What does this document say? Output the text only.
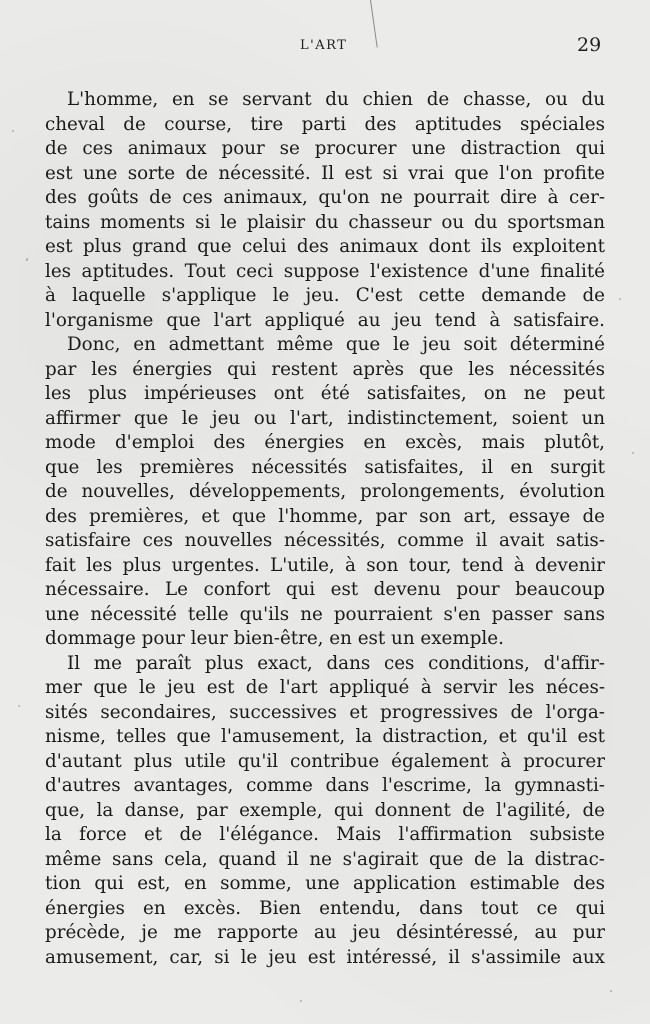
L'ART	29
L'homme, en se servant du chien de chasse, ou du
cheval de course, tire parti des aptitudes spéciales
de ces animaux pour se procurer une distraction qui
est une sorte de nécessité. Il est si vrai que l'on profite
des goûts de ces animaux, qu'on ne pourrait dire à cer-
tains moments si le plaisir du chasseur ou du sportsman
est plus grand que celui des animaux dont ils exploitent
les aptitudes. Tout ceci suppose l'existence d'une finalité
à laquelle s'applique le jeu. C'est cette demande de
l'organisme que l'art appliqué au jeu tend à satisfaire.
Donc, en admettant même que le jeu soit déterminé
par les énergies qui restent après que les nécessités
les plus impérieuses ont été satisfaites, on ne peut
affirmer que le jeu ou l'art, indistinctement, soient un
mode d'emploi des énergies en excès, mais plutôt,
que les premières nécessités satisfaites, il en surgit
de nouvelles, développements, prolongements, évolution
des premières, et que l'homme, par son art, essaye de
satisfaire ces nouvelles nécessités, comme il avait satis-
fait les plus urgentes. L'utile, à son tour, tend à devenir
nécessaire. Le confort qui est devenu pour beaucoup
une nécessité telle qu'ils ne pourraient s'en passer sans
dommage pour leur bien-être, en est un exemple.
Il me paraît plus exact, dans ces conditions, d'affir-
mer que le jeu est de l'art appliqué à servir les néces-
sités secondaires, successives et progressives de l'orga-
nisme, telles que l'amusement, la distraction, et qu'il est
d'autant plus utile qu'il contribue également à procurer
d'autres avantages, comme dans l'escrime, la gymnasti-
que, la danse, par exemple, qui donnent de l'agilité, de
la force et de l'élégance. Mais l'affirmation subsiste
même sans cela, quand il ne s'agirait que de la distrac-
tion qui est, en somme, une application estimable des
énergies en excès. Bien entendu, dans tout ce qui
précède, je me rapporte au jeu désintéressé, au pur
amusement, car, si le jeu est intéressé, il s'assimile aux
